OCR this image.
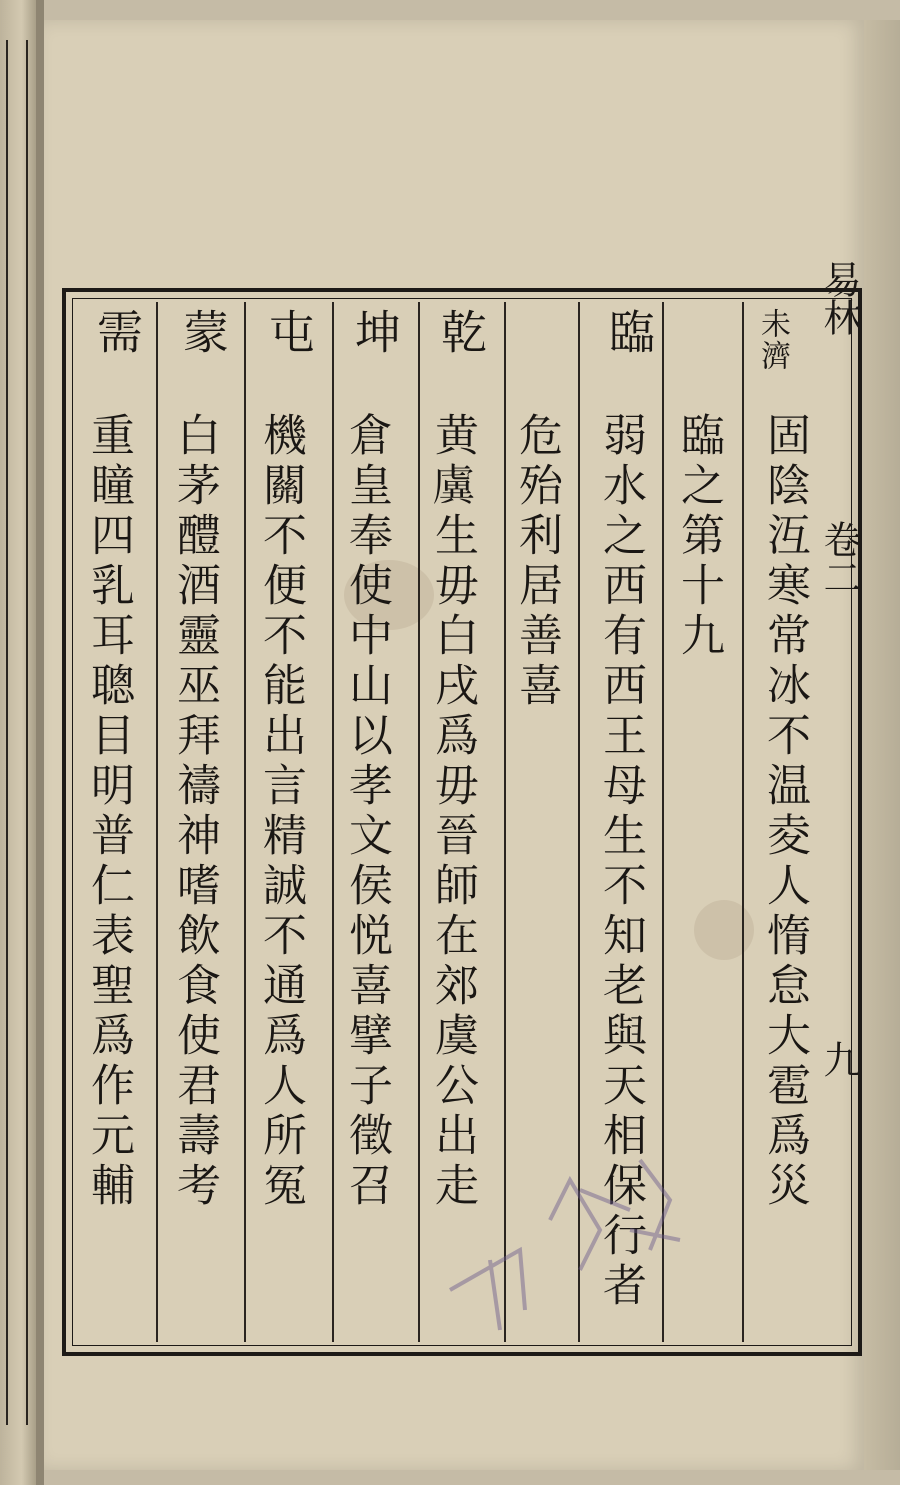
易林
卷二
九
未濟
固陰沍寒常冰不温夌人惰怠大雹爲災
臨之第十九
臨
弱水之西有西王母生不知老與天相保行者
危殆利居善喜
乾
黄𧇽生毋白戌爲毋晉師在郊虞公出走
坤
倉皇奉使中山以孝文侯悦喜擘子徵召
屯
機關不便不能出言精誠不通爲人所冤
蒙
白茅醴酒靈巫拜禱神嗜飲食使君壽考
需
重瞳四乳耳聰目明普仁表聖爲作元輔
